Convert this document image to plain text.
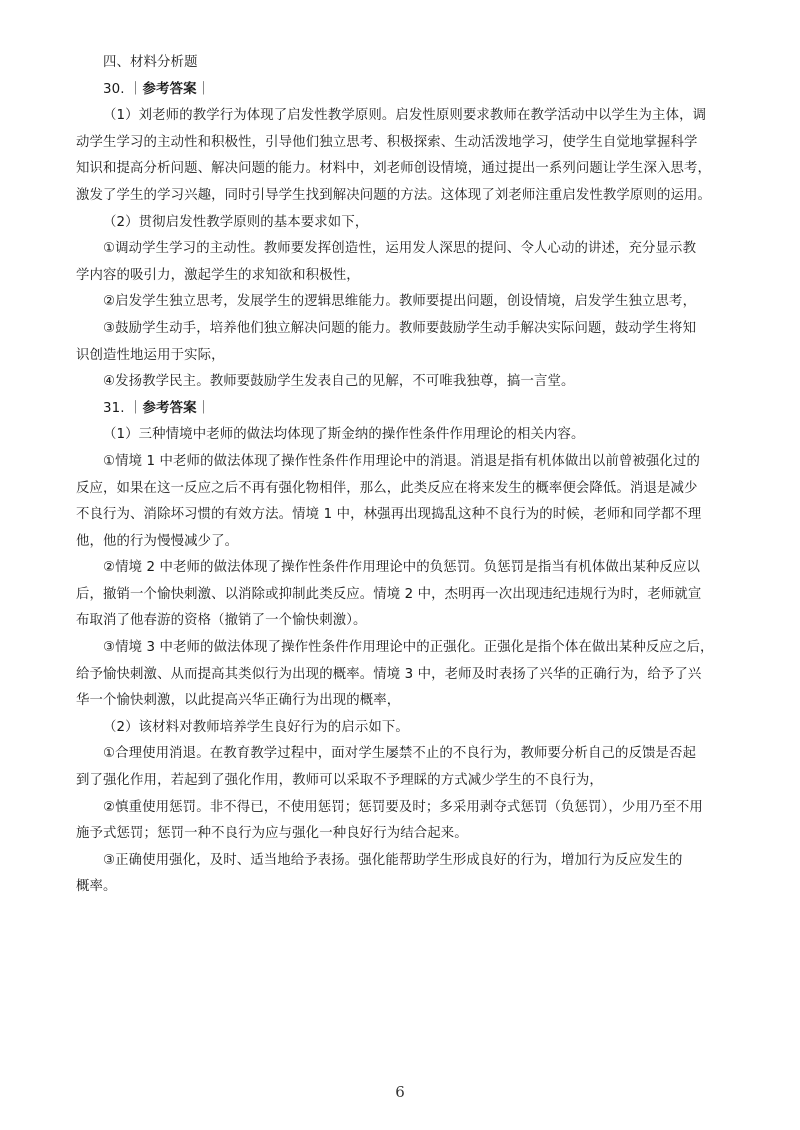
四、材料分析题
30. ｜参考答案｜
（1）刘老师的教学行为体现了启发性教学原则。启发性原则要求教师在教学活动中以学生为主体，调
动学生学习的主动性和积极性，引导他们独立思考、积极探索、生动活泼地学习，使学生自觉地掌握科学
知识和提高分析问题、解决问题的能力。材料中，刘老师创设情境，通过提出一系列问题让学生深入思考，
激发了学生的学习兴趣，同时引导学生找到解决问题的方法。这体现了刘老师注重启发性教学原则的运用。
（2）贯彻启发性教学原则的基本要求如下，
①调动学生学习的主动性。教师要发挥创造性，运用发人深思的提问、令人心动的讲述，充分显示教
学内容的吸引力，激起学生的求知欲和积极性，
②启发学生独立思考，发展学生的逻辑思维能力。教师要提出问题，创设情境，启发学生独立思考，
③鼓励学生动手，培养他们独立解决问题的能力。教师要鼓励学生动手解决实际问题，鼓动学生将知
识创造性地运用于实际，
④发扬教学民主。教师要鼓励学生发表自己的见解，不可唯我独尊，搞一言堂。
31. ｜参考答案｜
（1）三种情境中老师的做法均体现了斯金纳的操作性条件作用理论的相关内容。
①情境 1 中老师的做法体现了操作性条件作用理论中的消退。消退是指有机体做出以前曾被强化过的
反应，如果在这一反应之后不再有强化物相伴，那么，此类反应在将来发生的概率便会降低。消退是减少
不良行为、消除坏习惯的有效方法。情境 1 中，林强再出现捣乱这种不良行为的时候，老师和同学都不理
他，他的行为慢慢减少了。
②情境 2 中老师的做法体现了操作性条件作用理论中的负惩罚。负惩罚是指当有机体做出某种反应以
后，撤销一个愉快刺激、以消除或抑制此类反应。情境 2 中，杰明再一次出现违纪违规行为时，老师就宣
布取消了他春游的资格（撤销了一个愉快刺激）。
③情境 3 中老师的做法体现了操作性条件作用理论中的正强化。正强化是指个体在做出某种反应之后，
给予愉快刺激、从而提高其类似行为出现的概率。情境 3 中，老师及时表扬了兴华的正确行为，给予了兴
华一个愉快刺激，以此提高兴华正确行为出现的概率，
（2）该材料对教师培养学生良好行为的启示如下。
①合理使用消退。在教育教学过程中，面对学生屡禁不止的不良行为，教师要分析自己的反馈是否起
到了强化作用，若起到了强化作用，教师可以采取不予理睬的方式减少学生的不良行为，
②慎重使用惩罚。非不得已，不使用惩罚；惩罚要及时；多采用剥夺式惩罚（负惩罚），少用乃至不用
施予式惩罚；惩罚一种不良行为应与强化一种良好行为结合起来。
③正确使用强化，及时、适当地给予表扬。强化能帮助学生形成良好的行为，增加行为反应发生的
概率。
6
